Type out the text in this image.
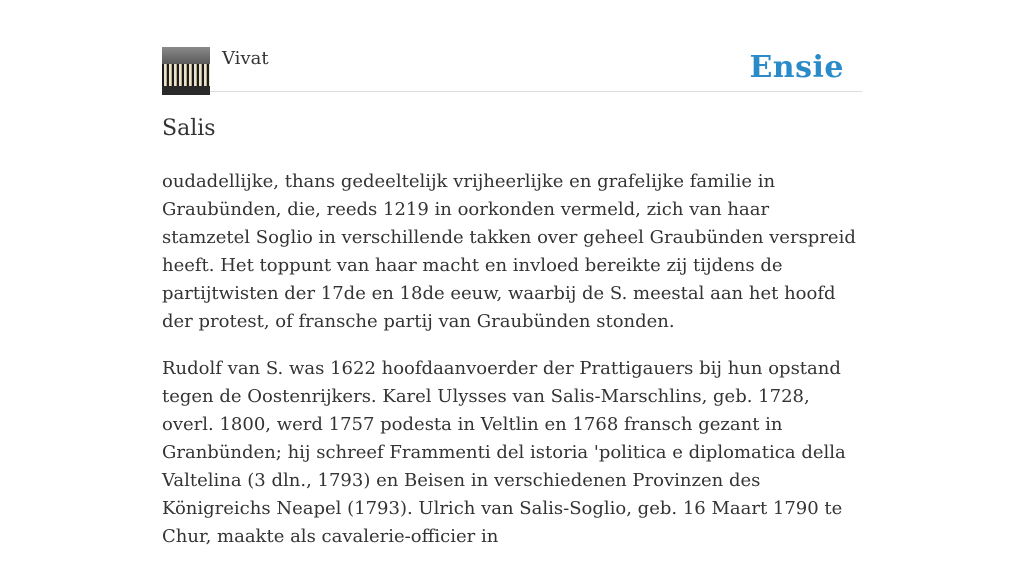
Vivat	Ensie
Salis

oudadellijke, thans gedeeltelijk vrijheerlijke en grafelijke familie in Graubünden, die, reeds 1219 in oorkonden vermeld, zich van haar stamzetel Soglio in verschillende takken over geheel Graubünden verspreid heeft. Het toppunt van haar macht en invloed bereikte zij tijdens de partijtwisten der 17de en 18de eeuw, waarbij de S. meestal aan het hoofd der protest, of fransche partij van Graubünden stonden.

Rudolf van S. was 1622 hoofdaanvoerder der Prattigauers bij hun opstand tegen de Oostenrijkers. Karel Ulysses van Salis-Marschlins, geb. 1728, overl. 1800, werd 1757 podesta in Veltlin en 1768 fransch gezant in Granbünden; hij schreef Frammenti del istoria 'politica e diplomatica della Valtelina (3 dln., 1793) en Beisen in verschiedenen Provinzen des Königreichs Neapel (1793). Ulrich van Salis-Soglio, geb. 16 Maart 1790 te Chur, maakte als cavalerie-officier in
